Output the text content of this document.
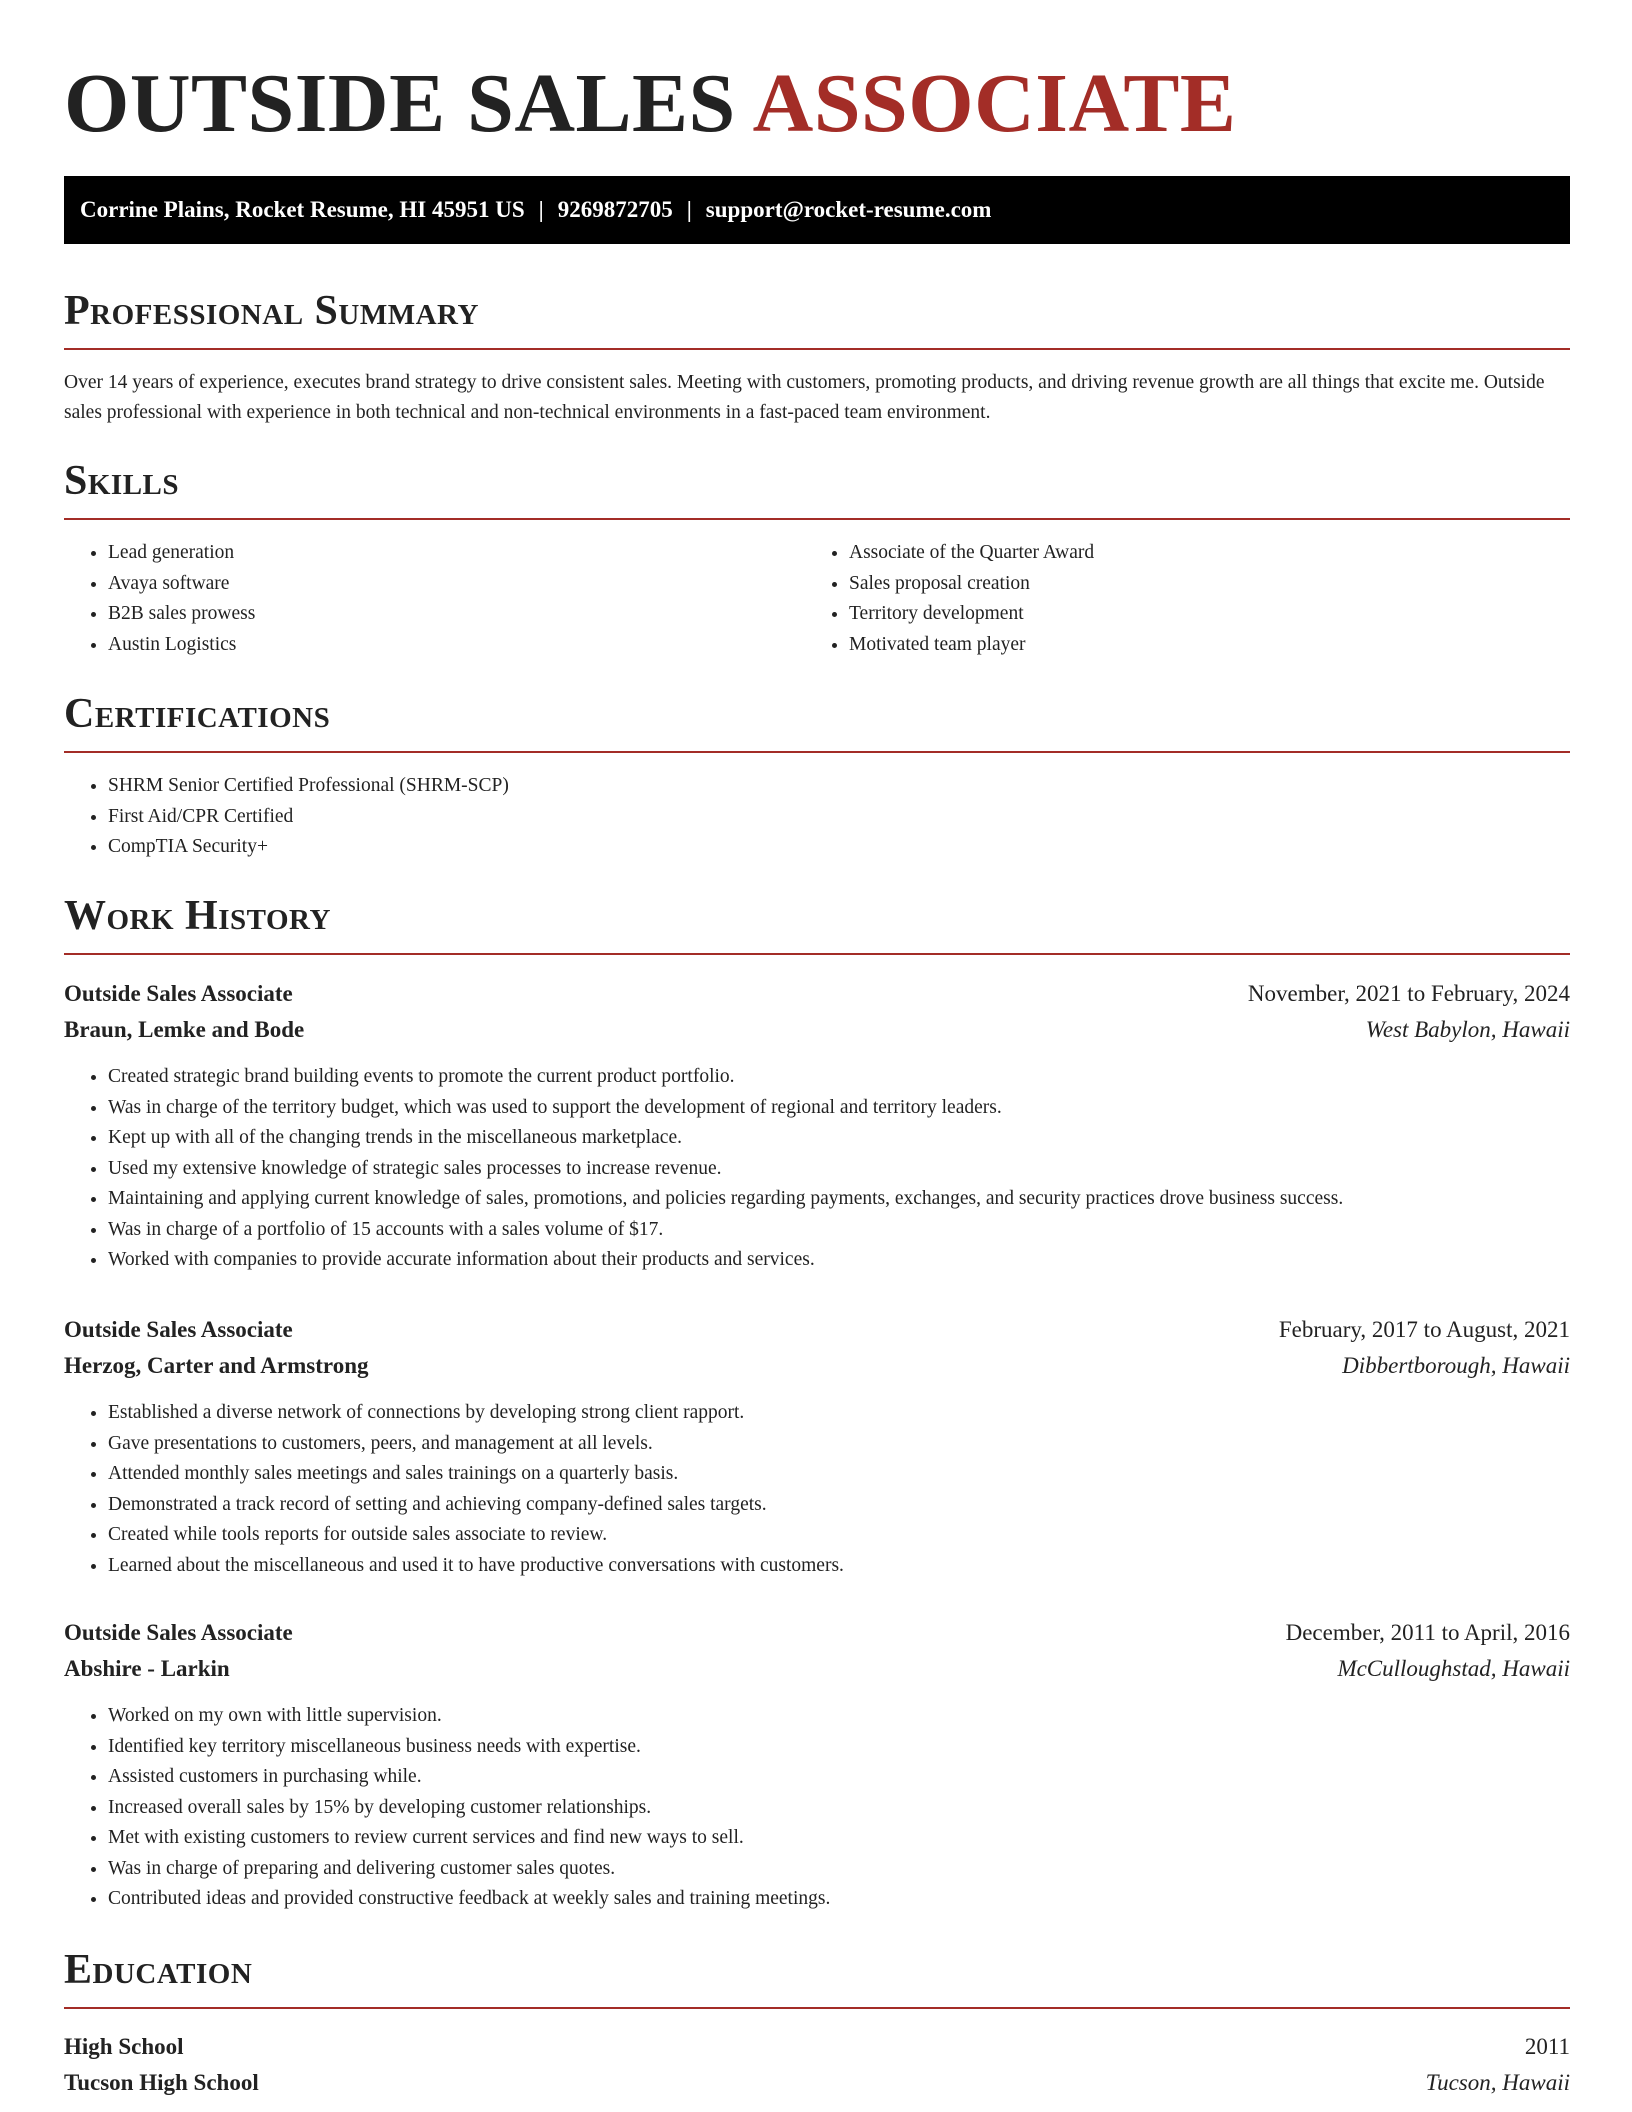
OUTSIDE SALES ASSOCIATE
Corrine Plains, Rocket Resume, HI 45951 US | 9269872705 | support@rocket-resume.com
Professional Summary

Over 14 years of experience, executes brand strategy to drive consistent sales. Meeting with customers, promoting products, and driving revenue growth are all things that excite me. Outside sales professional with experience in both technical and non-technical environments in a fast-paced team environment.

Skills
• Lead generation
• Avaya software
• B2B sales prowess
• Austin Logistics
• Associate of the Quarter Award
• Sales proposal creation
• Territory development
• Motivated team player
Certifications
• SHRM Senior Certified Professional (SHRM-SCP)
• First Aid/CPR Certified
• CompTIA Security+
Work History
Outside Sales Associate	November, 2021 to February, 2024
Braun, Lemke and Bode	West Babylon, Hawaii
• Created strategic brand building events to promote the current product portfolio.
• Was in charge of the territory budget, which was used to support the development of regional and territory leaders.
• Kept up with all of the changing trends in the miscellaneous marketplace.
• Used my extensive knowledge of strategic sales processes to increase revenue.
• Maintaining and applying current knowledge of sales, promotions, and policies regarding payments, exchanges, and security practices drove business success.
• Was in charge of a portfolio of 15 accounts with a sales volume of $17.
• Worked with companies to provide accurate information about their products and services.
Outside Sales Associate	February, 2017 to August, 2021
Herzog, Carter and Armstrong	Dibbertborough, Hawaii
• Established a diverse network of connections by developing strong client rapport.
• Gave presentations to customers, peers, and management at all levels.
• Attended monthly sales meetings and sales trainings on a quarterly basis.
• Demonstrated a track record of setting and achieving company-defined sales targets.
• Created while tools reports for outside sales associate to review.
• Learned about the miscellaneous and used it to have productive conversations with customers.
Outside Sales Associate	December, 2011 to April, 2016
Abshire - Larkin	McCulloughstad, Hawaii
• Worked on my own with little supervision.
• Identified key territory miscellaneous business needs with expertise.
• Assisted customers in purchasing while.
• Increased overall sales by 15% by developing customer relationships.
• Met with existing customers to review current services and find new ways to sell.
• Was in charge of preparing and delivering customer sales quotes.
• Contributed ideas and provided constructive feedback at weekly sales and training meetings.
Education
High School	2011
Tucson High School	Tucson, Hawaii
